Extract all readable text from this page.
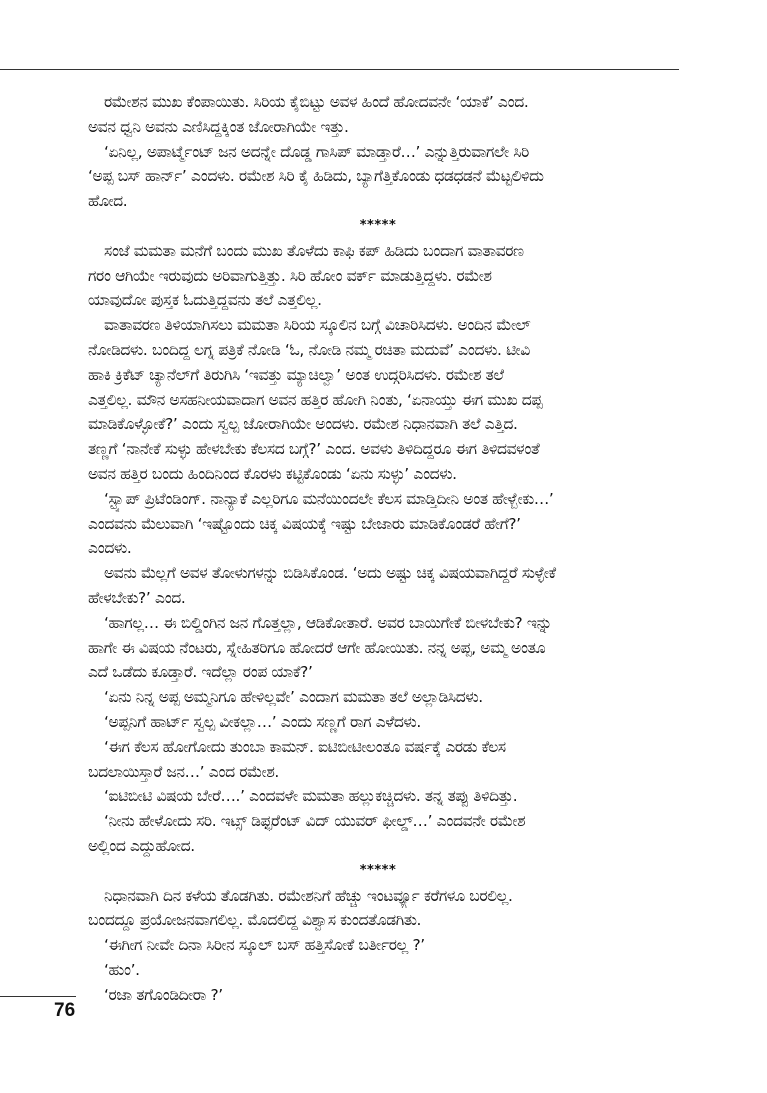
ರಮೇಶನ ಮುಖ ಕೆಂಪಾಯಿತು. ಸಿರಿಯ ಕೈಬಿಟ್ಟು ಅವಳ ಹಿಂದೆ ಹೋದವನೇ ‘ಯಾಕೆ’ ಎಂದ.
ಅವನ ಧ್ವನಿ ಅವನು ಎಣಿಸಿದ್ದಕ್ಕಿಂತ ಜೋರಾಗಿಯೇ ಇತ್ತು.
‘ಏನಿಲ್ಲ, ಅಪಾರ್ಟ್ಮೆಂಟ್ ಜನ ಅದನ್ನೇ ದೊಡ್ಡ ಗಾಸಿಪ್ ಮಾಡ್ತಾರೆ…’ ಎನ್ನುತ್ತಿರುವಾಗಲೇ ಸಿರಿ
‘ಅಪ್ಪ ಬಸ್ ಹಾರ್ನ್’ ಎಂದಳು. ರಮೇಶ ಸಿರಿ ಕೈ ಹಿಡಿದು, ಬ್ಯಾಗೆತ್ತಿಕೊಂಡು ಧಡಧಡನೆ ಮೆಟ್ಟಲಿಳಿದು
ಹೋದ.
*****
ಸಂಜೆ ಮಮತಾ ಮನೆಗೆ ಬಂದು ಮುಖ ತೊಳೆದು ಕಾಫಿ ಕಪ್ ಹಿಡಿದು ಬಂದಾಗ ವಾತಾವರಣ
ಗರಂ ಆಗಿಯೇ ಇರುವುದು ಅರಿವಾಗುತ್ತಿತ್ತು. ಸಿರಿ ಹೋಂ ವರ್ಕ್ ಮಾಡುತ್ತಿದ್ದಳು. ರಮೇಶ
ಯಾವುದೋ ಪುಸ್ತಕ ಓದುತ್ತಿದ್ದವನು ತಲೆ ಎತ್ತಲಿಲ್ಲ.
ವಾತಾವರಣ ತಿಳಿಯಾಗಿಸಲು ಮಮತಾ ಸಿರಿಯ ಸ್ಕೂಲಿನ ಬಗ್ಗೆ ವಿಚಾರಿಸಿದಳು. ಅಂದಿನ ಮೇಲ್
ನೋಡಿದಳು. ಬಂದಿದ್ದ ಲಗ್ನ ಪತ್ರಿಕೆ ನೋಡಿ ‘ಓ, ನೋಡಿ ನಮ್ಮ ರಚಿತಾ ಮದುವೆ’ ಎಂದಳು. ಟೀವಿ
ಹಾಕಿ ಕ್ರಿಕೆಟ್ ಚ್ಯಾನೆಲ್‌ಗೆ ತಿರುಗಿಸಿ ‘ಇವತ್ತು ಮ್ಯಾಚಿಲ್ವಾ’ ಅಂತ ಉದ್ಗರಿಸಿದಳು. ರಮೇಶ ತಲೆ
ಎತ್ತಲಿಲ್ಲ. ಮೌನ ಅಸಹನೀಯವಾದಾಗ ಅವನ ಹತ್ತಿರ ಹೋಗಿ ನಿಂತು, ‘ಏನಾಯ್ತು ಈಗ ಮುಖ ದಪ್ಪ
ಮಾಡಿಕೊಳ್ಳೋಕೆ?’ ಎಂದು ಸ್ವಲ್ಪ ಜೋರಾಗಿಯೇ ಅಂದಳು. ರಮೇಶ ನಿಧಾನವಾಗಿ ತಲೆ ಎತ್ತಿದ.
ತಣ್ಣಗೆ ‘ನಾನೇಕೆ ಸುಳ್ಳು ಹೇಳಬೇಕು ಕೆಲಸದ ಬಗ್ಗೆ?’ ಎಂದ. ಅವಳು ತಿಳಿದಿದ್ದರೂ ಈಗ ತಿಳಿದವಳಂತೆ
ಅವನ ಹತ್ತಿರ ಬಂದು ಹಿಂದಿನಿಂದ ಕೊರಳು ಕಟ್ಟಿಕೊಂಡು ‘ಏನು ಸುಳ್ಳು’ ಎಂದಳು.
‘ಸ್ಟ್ಯಾಪ್ ಪ್ರಿಟೆಂಡಿಂಗ್. ನಾನ್ಯಾಕೆ ಎಲ್ಲರಿಗೂ ಮನೆಯಿಂದಲೇ ಕೆಲಸ ಮಾಡ್ತಿದೀನಿ ಅಂತ ಹೇಳ್ಬೇಕು…’
ಎಂದವನು ಮೆಲುವಾಗಿ ‘ಇಷ್ಟೊಂದು ಚಿಕ್ಕ ವಿಷಯಕ್ಕೆ ಇಷ್ಟು ಬೇಜಾರು ಮಾಡಿಕೊಂಡರೆ ಹೇಗೆ?’
ಎಂದಳು.
ಅವನು ಮೆಲ್ಲಗೆ ಅವಳ ತೋಳುಗಳನ್ನು ಬಿಡಿಸಿಕೊಂಡ. ‘ಅದು ಅಷ್ಟು ಚಿಕ್ಕ ವಿಷಯವಾಗಿದ್ದರೆ ಸುಳ್ಳೇಕೆ
ಹೇಳಬೇಕು?’ ಎಂದ.
‘ಹಾಗಲ್ಲ… ಈ ಬಿಲ್ಡಿಂಗಿನ ಜನ ಗೊತ್ತಲ್ಲಾ, ಆಡಿಕೋತಾರೆ. ಅವರ ಬಾಯಿಗೇಕೆ ಬೀಳಬೇಕು? ಇನ್ನು
ಹಾಗೇ ಈ ವಿಷಯ ನೆಂಟರು, ಸ್ನೇಹಿತರಿಗೂ ಹೋದರೆ ಆಗೇ ಹೋಯಿತು. ನನ್ನ ಅಪ್ಪ, ಅಮ್ಮ ಅಂತೂ
ಎದೆ ಒಡೆದು ಕೂಡ್ತಾರೆ. ಇದೆಲ್ಲಾ ರಂಪ ಯಾಕೆ?’
‘ಏನು ನಿನ್ನ ಅಪ್ಪ ಅಮ್ಮನಿಗೂ ಹೇಳಿಲ್ಲವೇ’ ಎಂದಾಗ ಮಮತಾ ತಲೆ ಅಲ್ಲಾಡಿಸಿದಳು.
‘ಅಪ್ಪನಿಗೆ ಹಾರ್ಟ್ ಸ್ವಲ್ಪ ವೀಕಲ್ಲಾ…’ ಎಂದು ಸಣ್ಣಗೆ ರಾಗ ಎಳೆದಳು.
‘ಈಗ ಕೆಲಸ ಹೋಗೋದು ತುಂಬಾ ಕಾಮನ್. ಐಟಿಬೀಟೀಲಂತೂ ವರ್ಷಕ್ಕೆ ಎರಡು ಕೆಲಸ
ಬದಲಾಯಿಸ್ತಾರೆ ಜನ…’ ಎಂದ ರಮೇಶ.
‘ಐಟಿಬೀಟಿ ವಿಷಯ ಬೇರೆ….’ ಎಂದವಳೇ ಮಮತಾ ಹಲ್ಲುಕಚ್ಚಿದಳು. ತನ್ನ ತಪ್ಪು ತಿಳಿದಿತ್ತು.
‘ನೀನು ಹೇಳೋದು ಸರಿ. ಇಟ್ಸ್ ಡಿಫ್ಫರೆಂಟ್ ವಿದ್ ಯುವರ್ ಫೀಲ್ಡ್…’ ಎಂದವನೇ ರಮೇಶ
ಅಲ್ಲಿಂದ ಎದ್ದುಹೋದ.
*****
ನಿಧಾನವಾಗಿ ದಿನ ಕಳೆಯ ತೊಡಗಿತು. ರಮೇಶನಿಗೆ ಹೆಚ್ಚು ಇಂಟರ್ವ್ಯೂ ಕರೆಗಳೂ ಬರಲಿಲ್ಲ.
ಬಂದದ್ದೂ ಪ್ರಯೋಜನವಾಗಲಿಲ್ಲ. ಮೊದಲಿದ್ದ ವಿಶ್ವಾಸ ಕುಂದತೊಡಗಿತು.
‘ಈಗೀಗ ನೀವೇ ದಿನಾ ಸಿರೀನ ಸ್ಕೂಲ್ ಬಸ್ ಹತ್ತಿಸೋಕೆ ಬರ್ತೀರಲ್ಲ ?’
‘ಹುಂ’.
‘ರಜಾ ತಗೊಂಡಿದೀರಾ ?’
76
